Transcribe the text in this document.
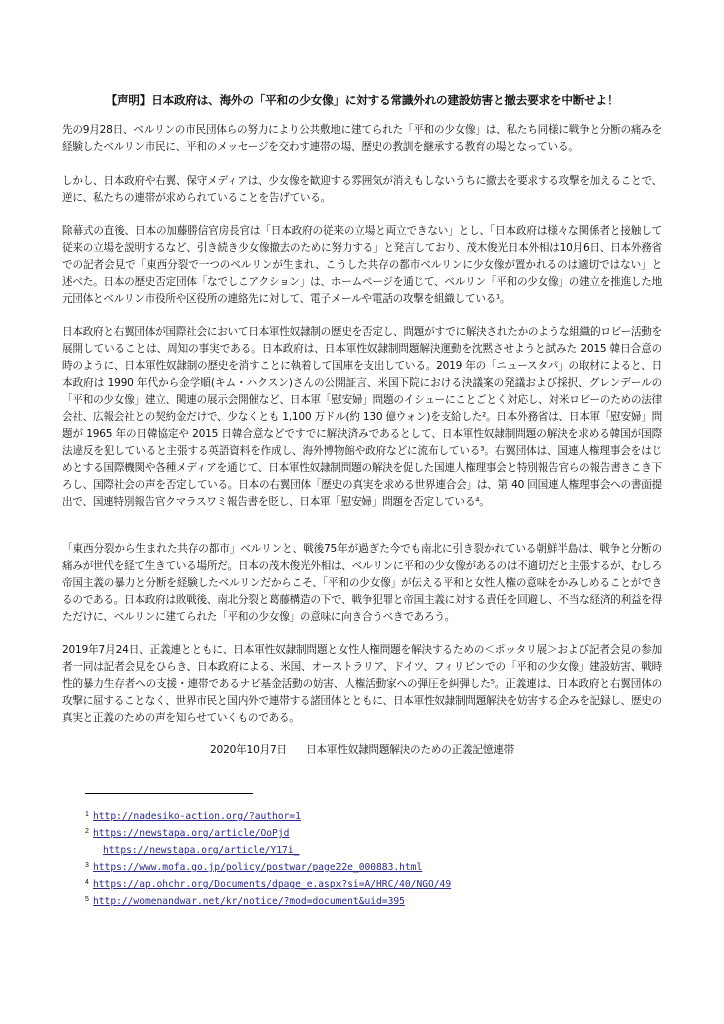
【声明】日本政府は、海外の「平和の少女像」に対する常識外れの建設妨害と撤去要求を中断せよ！

先の9月28日、ベルリンの市民団体らの努力により公共敷地に建てられた「平和の少女像」は、私たち同様に戦争と分断の痛みを経験したベルリン市民に、平和のメッセージを交わす連帯の場、歴史の教訓を継承する教育の場となっている。

しかし、日本政府や右翼、保守メディアは、少女像を歓迎する雰囲気が消えもしないうちに撤去を要求する攻撃を加えることで、逆に、私たちの連帯が求められていることを告げている。

除幕式の直後、日本の加藤勝信官房長官は「日本政府の従来の立場と両立できない」とし、「日本政府は様々な関係者と接触して従来の立場を説明するなど、引き続き少女像撤去のために努力する」と発言しており、茂木俊光日本外相は10月6日、日本外務省での記者会見で「東西分裂で一つのベルリンが生まれ、こうした共存の都市ベルリンに少女像が置かれるのは適切ではない」と述べた。日本の歴史否定団体「なでしこアクション」は、ホームページを通じて、ベルリン「平和の少女像」の建立を推進した地元団体とベルリン市役所や区役所の連絡先に対して、電子メールや電話の攻撃を組織している¹。

日本政府と右翼団体が国際社会において日本軍性奴隷制の歴史を否定し、問題がすでに解決されたかのような組織的ロビー活動を展開していることは、周知の事実である。日本政府は、日本軍性奴隷制問題解決運動を沈黙させようと試みた 2015 韓日合意の時のように、日本軍性奴隷制の歴史を消すことに執着して国庫を支出している。2019 年の「ニュースタパ」の取材によると、日本政府は 1990 年代から金学順(キム・ハクスン)さんの公開証言、米国下院における決議案の発議および採択、グレンデールの「平和の少女像」建立、関連の展示会開催など、日本軍「慰安婦」問題のイシューにことごとく対応し、対米ロビーのための法律会社、広報会社との契約金だけで、少なくとも 1,100 万ドル(約 130 億ウォン)を支給した²。日本外務省は、日本軍「慰安婦」問題が 1965 年の日韓協定や 2015 日韓合意などですでに解決済みであるとして、日本軍性奴隷制問題の解決を求める韓国が国際法違反を犯していると主張する英語資料を作成し、海外博物館や政府などに流布している³。右翼団体は、国連人権理事会をはじめとする国際機関や各種メディアを通じて、日本軍性奴隷制問題の解決を促した国連人権理事会と特別報告官らの報告書きこき下ろし、国際社会の声を否定している。日本の右翼団体「歴史の真実を求める世界連合会」は、第 40 回国連人権理事会への書面提出で、国連特別報告官クマラスワミ報告書を貶し、日本軍「慰安婦」問題を否定している⁴。

「東西分裂から生まれた共存の都市」ベルリンと、戦後75年が過ぎた今でも南北に引き裂かれている朝鮮半島は、戦争と分断の痛みが世代を経て生きている場所だ。日本の茂木俊光外相は、ベルリンに平和の少女像があるのは不適切だと主張するが、むしろ帝国主義の暴力と分断を経験したベルリンだからこそ、「平和の少女像」が伝える平和と女性人権の意味をかみしめることができるのである。日本政府は敗戦後、南北分裂と葛藤構造の下で、戦争犯罪と帝国主義に対する責任を回避し、不当な経済的利益を得ただけに、ベルリンに建てられた「平和の少女像」の意味に向き合うべきであろう。

2019年7月24日、正義連とともに、日本軍性奴隷制問題と女性人権問題を解決するための＜ポッタリ展＞および記者会見の参加者一同は記者会見をひらき、日本政府による、米国、オーストラリア、ドイツ、フィリピンでの「平和の少女像」建設妨害、戦時性的暴力生存者への支援・連帯であるナビ基金活動の妨害、人権活動家への弾圧を糾弾した⁵。正義連は、日本政府と右翼団体の攻撃に屈することなく、世界市民と国内外で連帯する諸団体とともに、日本軍性奴隷制問題解決を妨害する企みを記録し、歴史の真実と正義のための声を知らせていくものである。

2020年10月7日 日本軍性奴隷問題解決のための正義記憶連帯
1 http://nadesiko-action.org/?author=1
2 https://newstapa.org/article/OoPjd
https://newstapa.org/article/Y17i_
3 https://www.mofa.go.jp/policy/postwar/page22e_000883.html
4 https://ap.ohchr.org/Documents/dpage_e.aspx?si=A/HRC/40/NGO/49
5 http://womenandwar.net/kr/notice/?mod=document&uid=395
